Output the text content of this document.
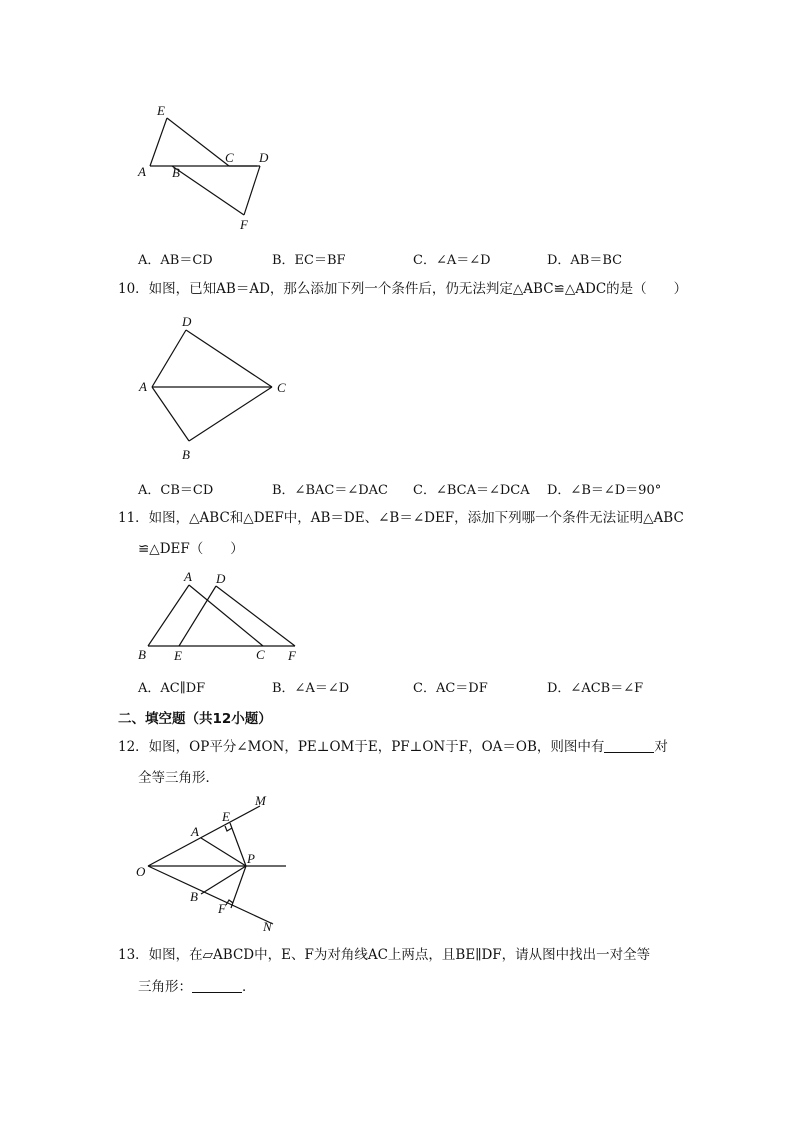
E
A B
C D
F
A．AB＝CD	B．EC＝BF	C．∠A＝∠D	D．AB＝BC
10．如图，已知AB＝AD，那么添加下列一个条件后，仍无法判定△ABC≌△ADC的是（　　）
D
A	C
B
A．CB＝CD	B．∠BAC＝∠DAC C．∠BCA＝∠DCA D．∠B＝∠D＝90°
11．如图，△ABC和△DEF中，AB＝DE、∠B＝∠DEF，添加下列哪一个条件无法证明△ABC
≌△DEF（　　）
A D
B E	C F
A．AC∥DF	B．∠A＝∠D	C．AC＝DF	D．∠ACB＝∠F
二、填空题（共12小题）
12．如图，OP平分∠MON，PE⊥OM于E，PF⊥ON于F，OA＝OB，则图中有	对
全等三角形．
M
E
A
O
P
B
F
N
13．如图，在▱ABCD中，E、F为对角线AC上两点，且BE∥DF，请从图中找出一对全等
三角形：	．
